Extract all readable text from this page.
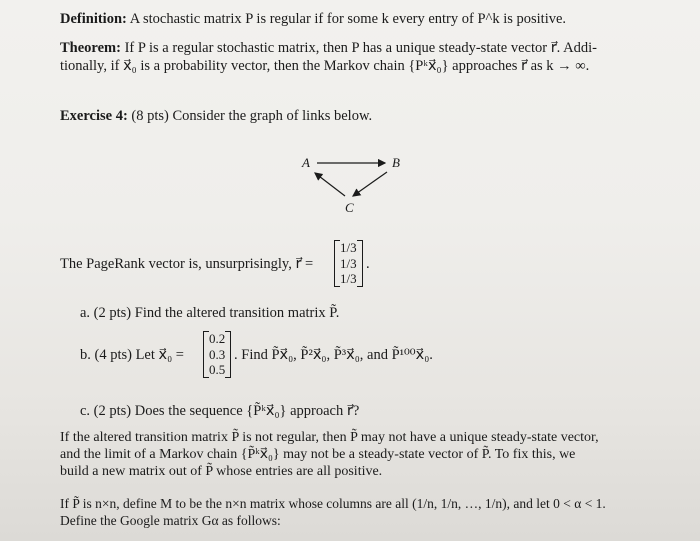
Definition: A stochastic matrix P is regular if for some k every entry of P^k is positive.
Theorem: If P is a regular stochastic matrix, then P has a unique steady-state vector r⃗. Addi-
tionally, if x⃗₀ is a probability vector, then the Markov chain {Pᵏx⃗₀} approaches r⃗ as k → ∞.
Exercise 4: (8 pts) Consider the graph of links below.
A	B
C
The PageRank vector is, unsurprisingly, r⃗ =
1/3
1/3
1/3
.
a. (2 pts) Find the altered transition matrix P̃.
b. (4 pts) Let x⃗₀ =
0.2
0.3
0.5
. Find P̃x⃗₀, P̃²x⃗₀, P̃³x⃗₀, and P̃¹⁰⁰x⃗₀.
c. (2 pts) Does the sequence {P̃ᵏx⃗₀} approach r⃗?
If the altered transition matrix P̃ is not regular, then P̃ may not have a unique steady-state vector,
and the limit of a Markov chain {P̃ᵏx⃗₀} may not be a steady-state vector of P̃. To fix this, we
build a new matrix out of P̃ whose entries are all positive.
If P̃ is n×n, define M to be the n×n matrix whose columns are all (1/n, 1/n, …, 1/n), and let 0 < α < 1.
Define the Google matrix Gα as follows:
